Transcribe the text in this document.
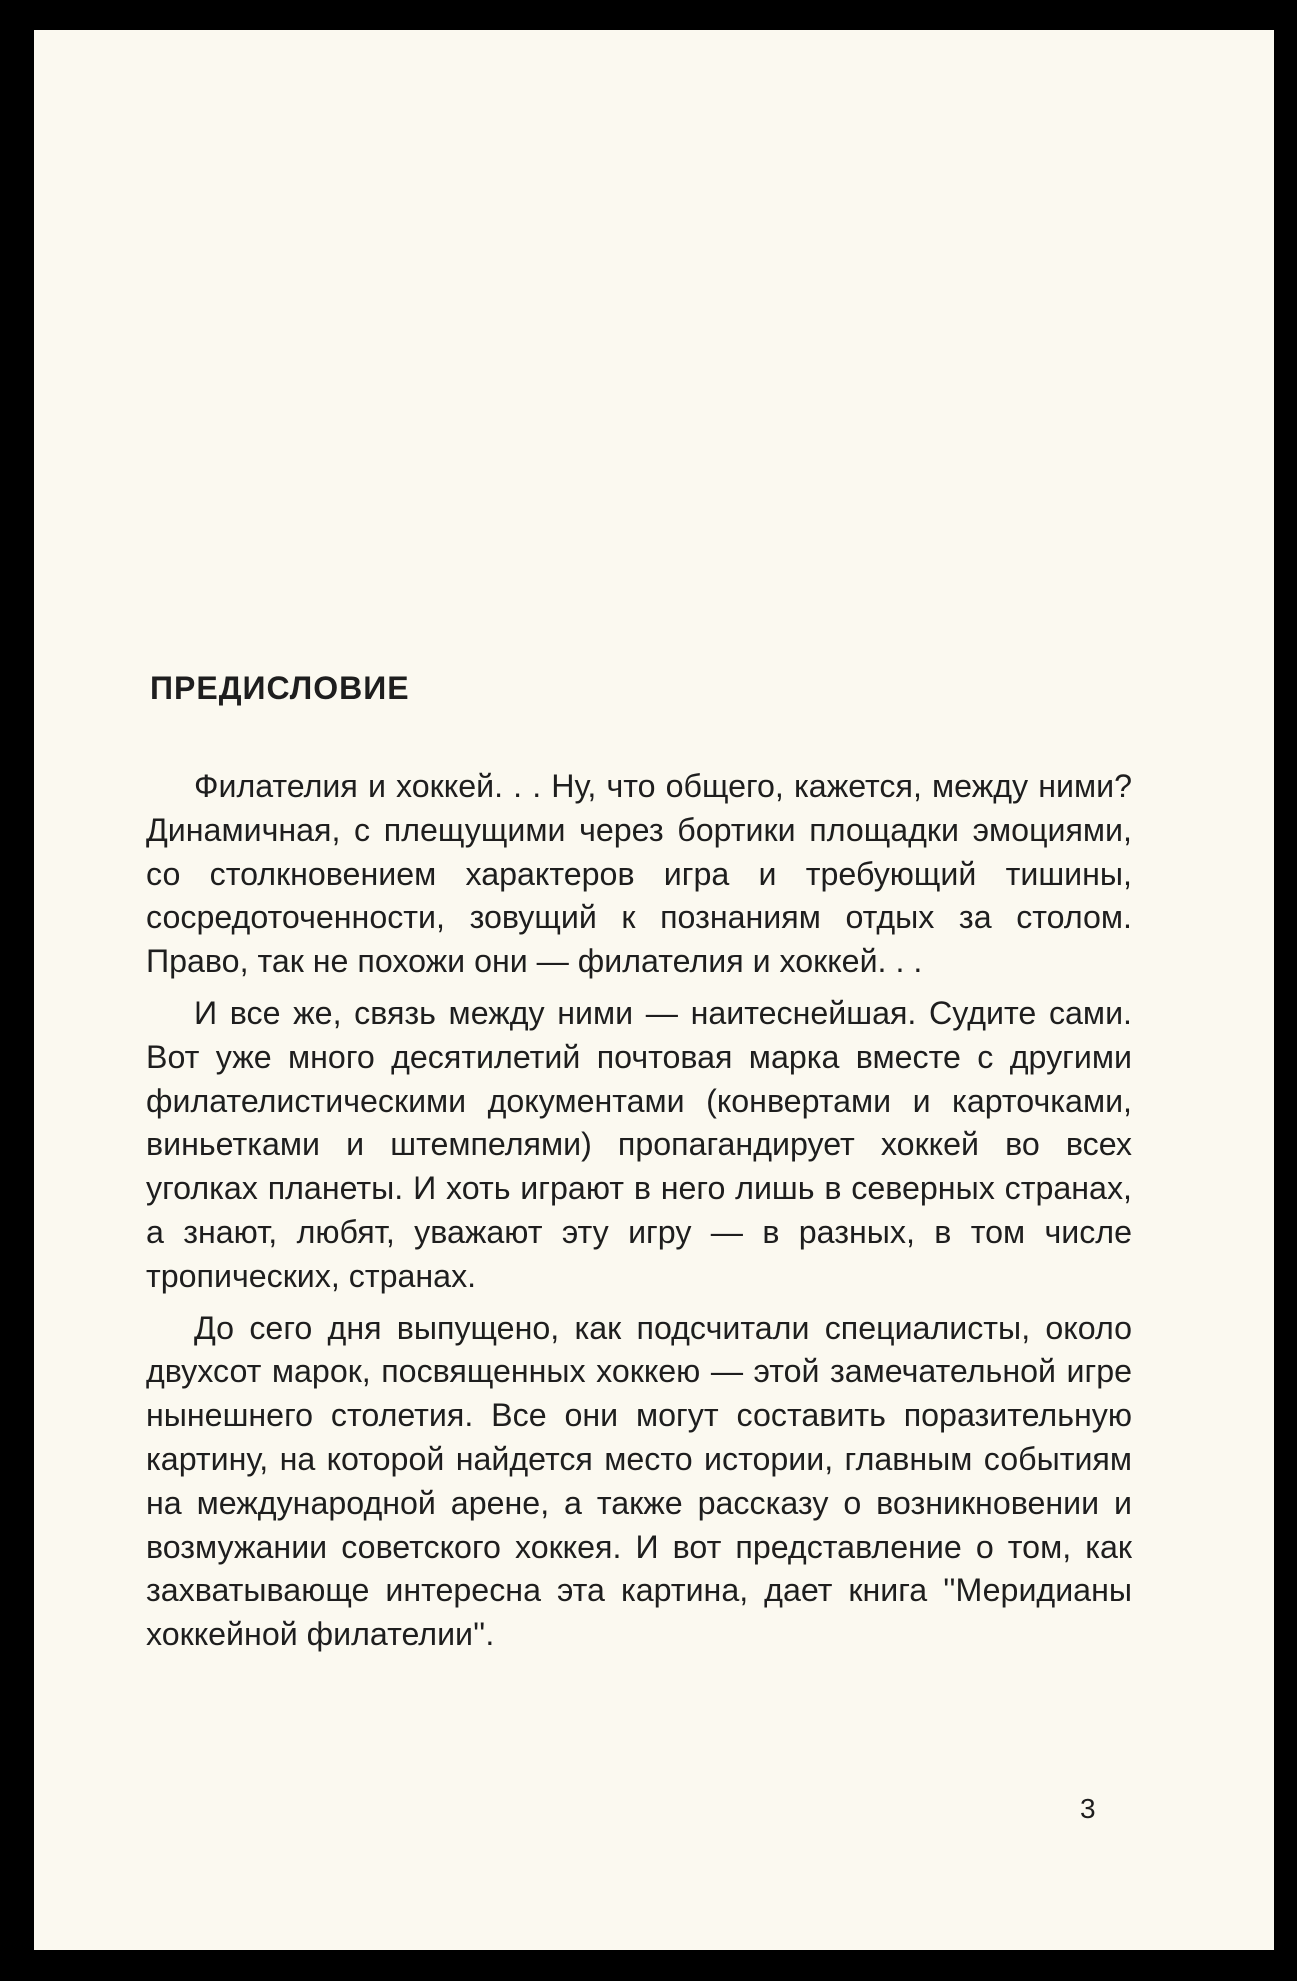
ПРЕДИСЛОВИЕ

Филателия и хоккей. . . Ну, что общего, кажется, между ними? Динамичная, с плещущими через бортики площадки эмоциями, со столкновением характеров игра и требующий тишины, сосредоточенности, зовущий к познаниям отдых за столом. Право, так не похожи они — филателия и хоккей. . .

И все же, связь между ними — наитеснейшая. Судите сами. Вот уже много десятилетий почтовая марка вместе с другими филателистическими документами (конвертами и карточками, виньетками и штемпелями) пропагандирует хоккей во всех уголках планеты. И хоть играют в него лишь в северных странах, а знают, любят, уважают эту игру — в разных, в том числе тропических, странах.

До сего дня выпущено, как подсчитали специалисты, около двухсот марок, посвященных хоккею — этой замечательной игре нынешнего столетия. Все они могут составить поразительную картину, на которой найдется место истории, главным событиям на международной арене, а также рассказу о возникновении и возмужании советского хоккея. И вот представление о том, как захватывающе интересна эта картина, дает книга ''Меридианы хоккейной филателии''.

3
